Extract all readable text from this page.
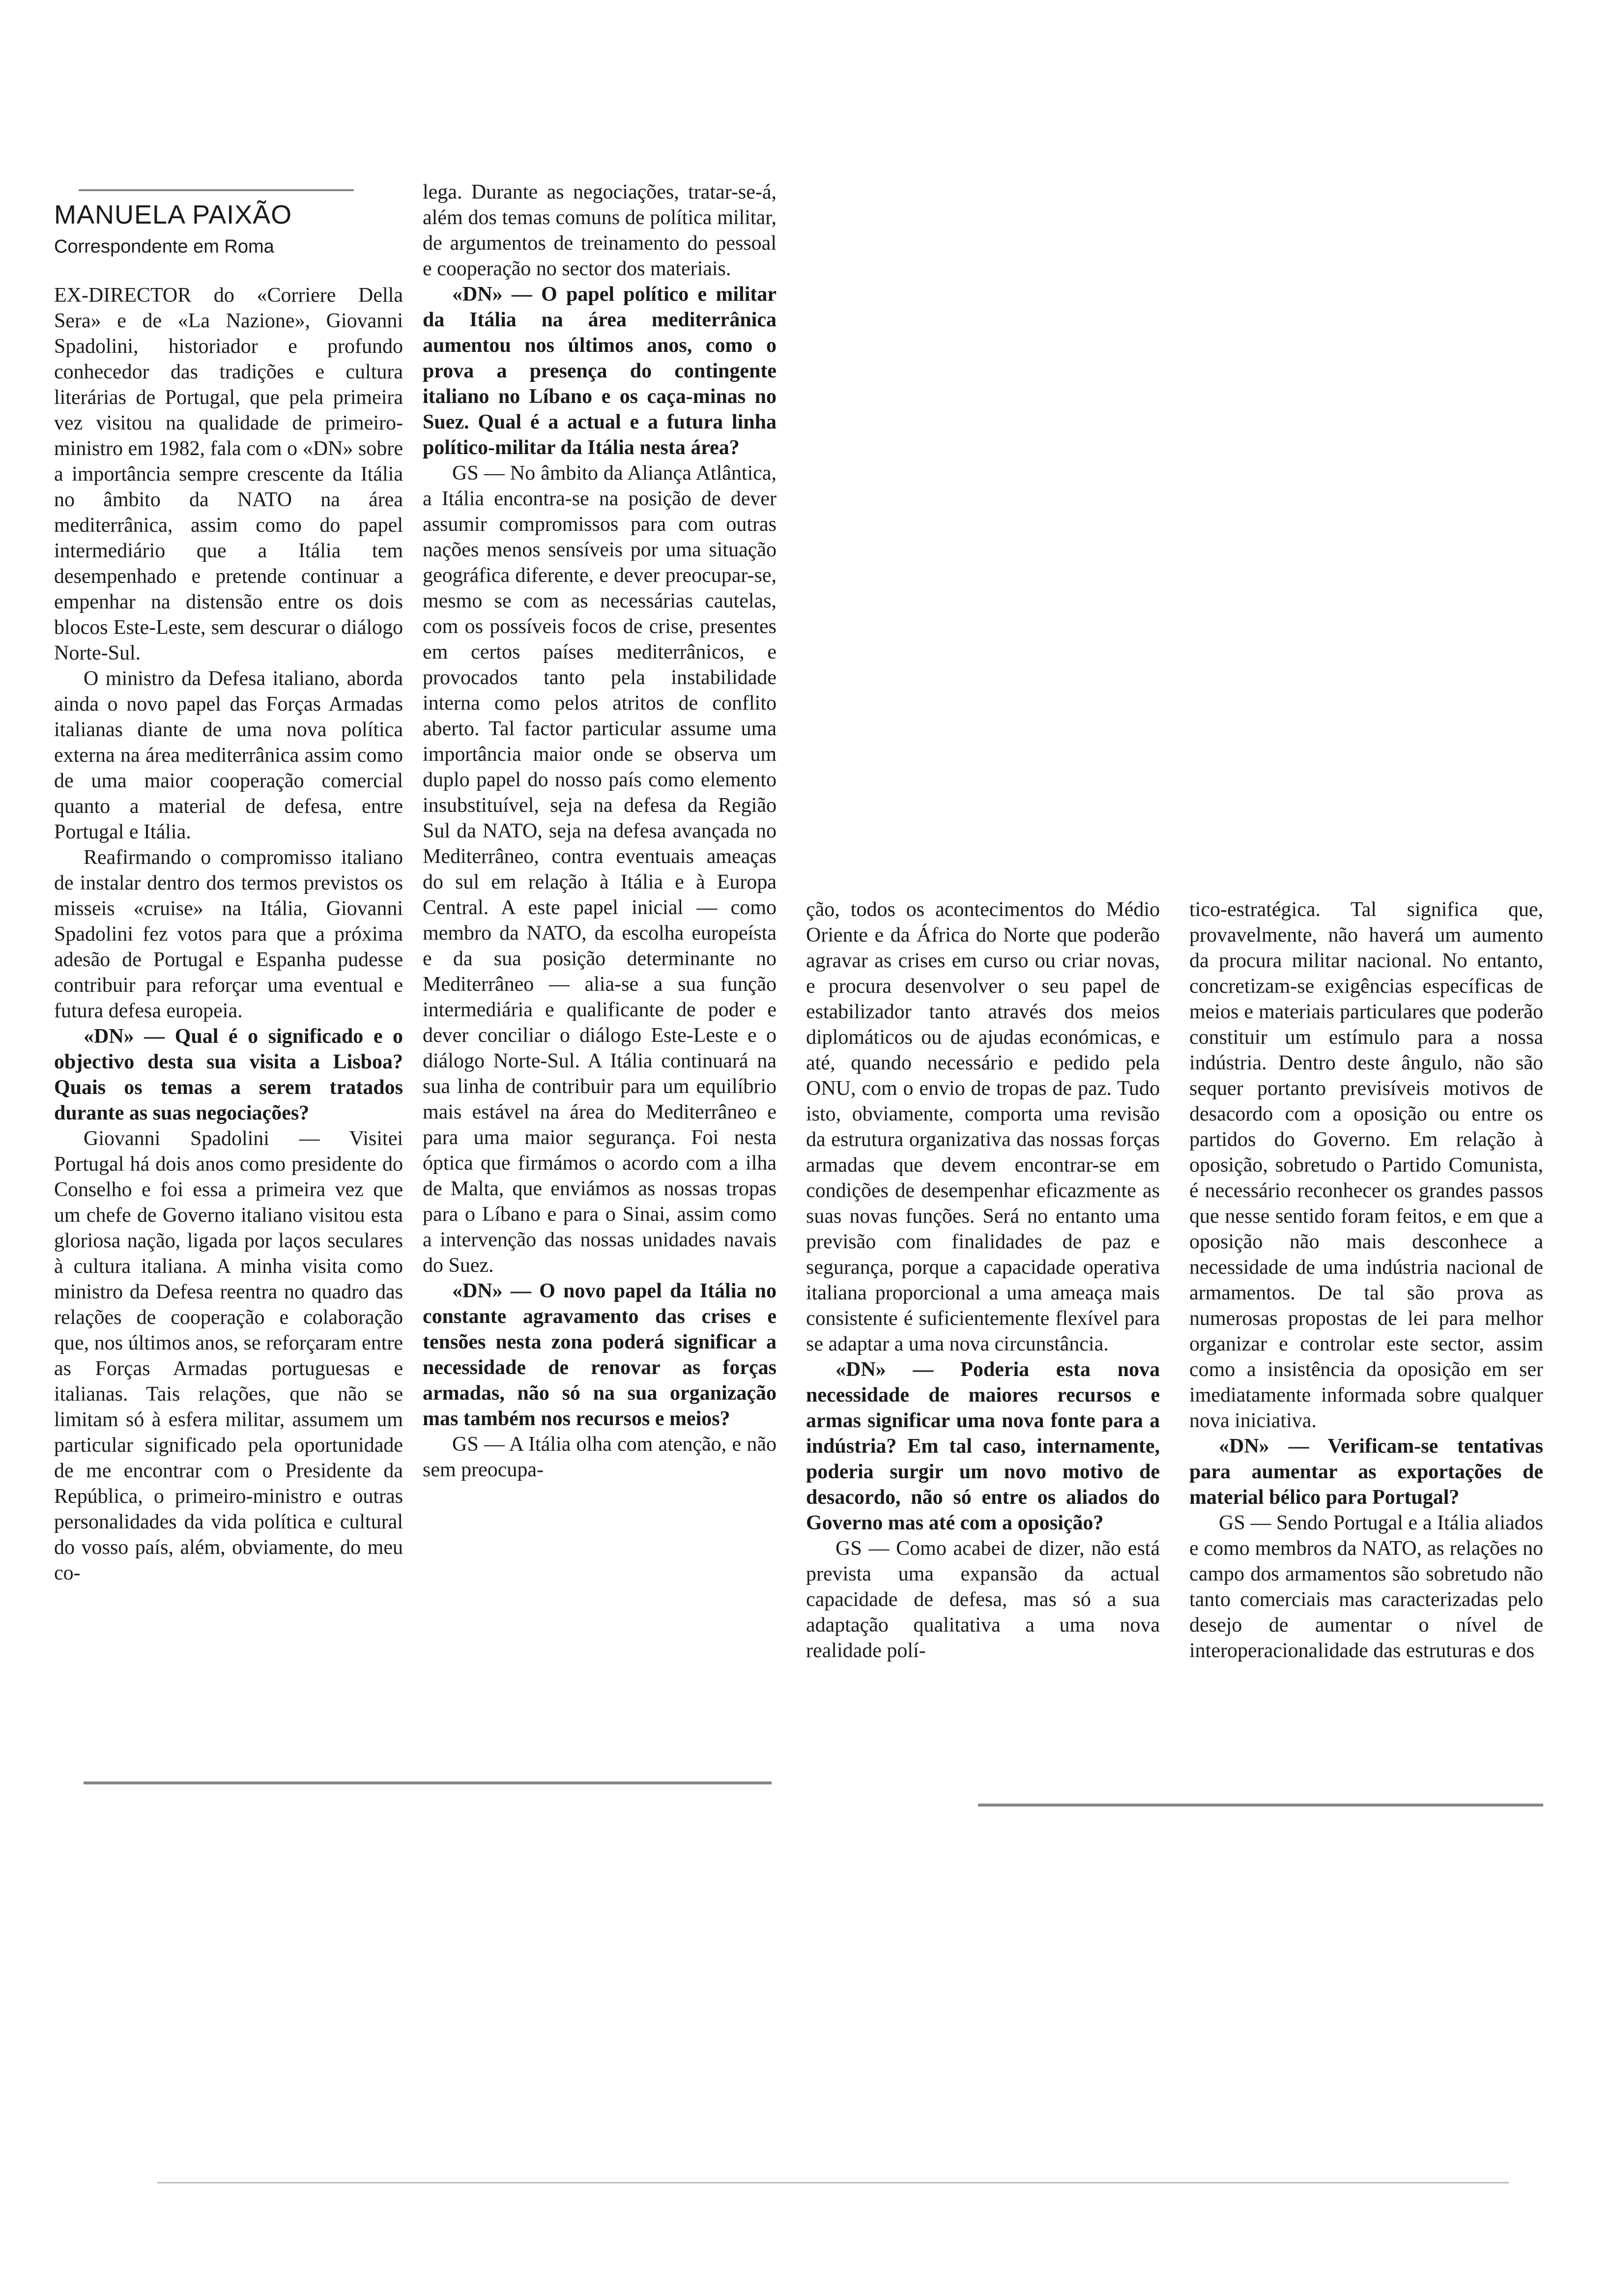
MANUELA PAIXÃO
Correspondente em Roma

EX-DIRECTOR do «Corriere Della Sera» e de «La Nazione», Giovanni Spadolini, historiador e profundo conhecedor das tradições e cultura literárias de Portugal, que pela primeira vez visitou na qualidade de primeiro-ministro em 1982, fala com o «DN» sobre a importância sempre crescente da Itália no âmbito da NATO na área mediterrânica, assim como do papel intermediário que a Itália tem desempenhado e pretende continuar a empenhar na distensão entre os dois blocos Este-Leste, sem descurar o diálogo Norte-Sul.

O ministro da Defesa italiano, aborda ainda o novo papel das Forças Armadas italianas diante de uma nova política externa na área mediterrânica assim como de uma maior cooperação comercial quanto a material de defesa, entre Portugal e Itália.

Reafirmando o compromisso italiano de instalar dentro dos termos previstos os misseis «cruise» na Itália, Giovanni Spadolini fez votos para que a próxima adesão de Portugal e Espanha pudesse contribuir para reforçar uma eventual e futura defesa europeia.

«DN» — Qual é o significado e o objectivo desta sua visita a Lisboa? Quais os temas a serem tratados durante as suas negociações?

Giovanni Spadolini — Visitei Portugal há dois anos como presidente do Conselho e foi essa a primeira vez que um chefe de Governo italiano visitou esta gloriosa nação, ligada por laços seculares à cultura italiana. A minha visita como ministro da Defesa reentra no quadro das relações de cooperação e colaboração que, nos últimos anos, se reforçaram entre as Forças Armadas portuguesas e italianas. Tais relações, que não se limitam só à esfera militar, assumem um particular significado pela oportunidade de me encontrar com o Presidente da República, o primeiro-ministro e outras personalidades da vida política e cultural do vosso país, além, obviamente, do meu co-

lega. Durante as negociações, tratar-se-á, além dos temas comuns de política militar, de argumentos de treinamento do pessoal e cooperação no sector dos materiais.

«DN» — O papel político e militar da Itália na área mediterrânica aumentou nos últimos anos, como o prova a presença do contingente italiano no Líbano e os caça-minas no Suez. Qual é a actual e a futura linha político-militar da Itália nesta área?

GS — No âmbito da Aliança Atlântica, a Itália encontra-se na posição de dever assumir compromissos para com outras nações menos sensíveis por uma situação geográfica diferente, e dever preocupar-se, mesmo se com as necessárias cautelas, com os possíveis focos de crise, presentes em certos países mediterrânicos, e provocados tanto pela instabilidade interna como pelos atritos de conflito aberto. Tal factor particular assume uma importância maior onde se observa um duplo papel do nosso país como elemento insubstituível, seja na defesa da Região Sul da NATO, seja na defesa avançada no Mediterrâneo, contra eventuais ameaças do sul em relação à Itália e à Europa Central. A este papel inicial — como membro da NATO, da escolha europeísta e da sua posição determinante no Mediterrâneo — alia-se a sua função intermediária e qualificante de poder e dever conciliar o diálogo Este-Leste e o diálogo Norte-Sul. A Itália continuará na sua linha de contribuir para um equilíbrio mais estável na área do Mediterrâneo e para uma maior segurança. Foi nesta óptica que firmámos o acordo com a ilha de Malta, que enviámos as nossas tropas para o Líbano e para o Sinai, assim como a intervenção das nossas unidades navais do Suez.

«DN» — O novo papel da Itália no constante agravamento das crises e tensões nesta zona poderá significar a necessidade de renovar as forças armadas, não só na sua organização mas também nos recursos e meios?

GS — A Itália olha com atenção, e não sem preocupa-

ção, todos os acontecimentos do Médio Oriente e da África do Norte que poderão agravar as crises em curso ou criar novas, e procura desenvolver o seu papel de estabilizador tanto através dos meios diplomáticos ou de ajudas económicas, e até, quando necessário e pedido pela ONU, com o envio de tropas de paz. Tudo isto, obviamente, comporta uma revisão da estrutura organizativa das nossas forças armadas que devem encontrar-se em condições de desempenhar eficazmente as suas novas funções. Será no entanto uma previsão com finalidades de paz e segurança, porque a capacidade operativa italiana proporcional a uma ameaça mais consistente é suficientemente flexível para se adaptar a uma nova circunstância.

«DN» — Poderia esta nova necessidade de maiores recursos e armas significar uma nova fonte para a indústria? Em tal caso, internamente, poderia surgir um novo motivo de desacordo, não só entre os aliados do Governo mas até com a oposição?

GS — Como acabei de dizer, não está prevista uma expansão da actual capacidade de defesa, mas só a sua adaptação qualitativa a uma nova realidade polí-

tico-estratégica. Tal significa que, provavelmente, não haverá um aumento da procura militar nacional. No entanto, concretizam-se exigências específicas de meios e materiais particulares que poderão constituir um estímulo para a nossa indústria. Dentro deste ângulo, não são sequer portanto previsíveis motivos de desacordo com a oposição ou entre os partidos do Governo. Em relação à oposição, sobretudo o Partido Comunista, é necessário reconhecer os grandes passos que nesse sentido foram feitos, e em que a oposição não mais desconhece a necessidade de uma indústria nacional de armamentos. De tal são prova as numerosas propostas de lei para melhor organizar e controlar este sector, assim como a insistência da oposição em ser imediatamente informada sobre qualquer nova iniciativa.

«DN» — Verificam-se tentativas para aumentar as exportações de material bélico para Portugal?

GS — Sendo Portugal e a Itália aliados e como membros da NATO, as relações no campo dos armamentos são sobretudo não tanto comerciais mas caracterizadas pelo desejo de aumentar o nível de interoperacionalidade das estruturas e dos
